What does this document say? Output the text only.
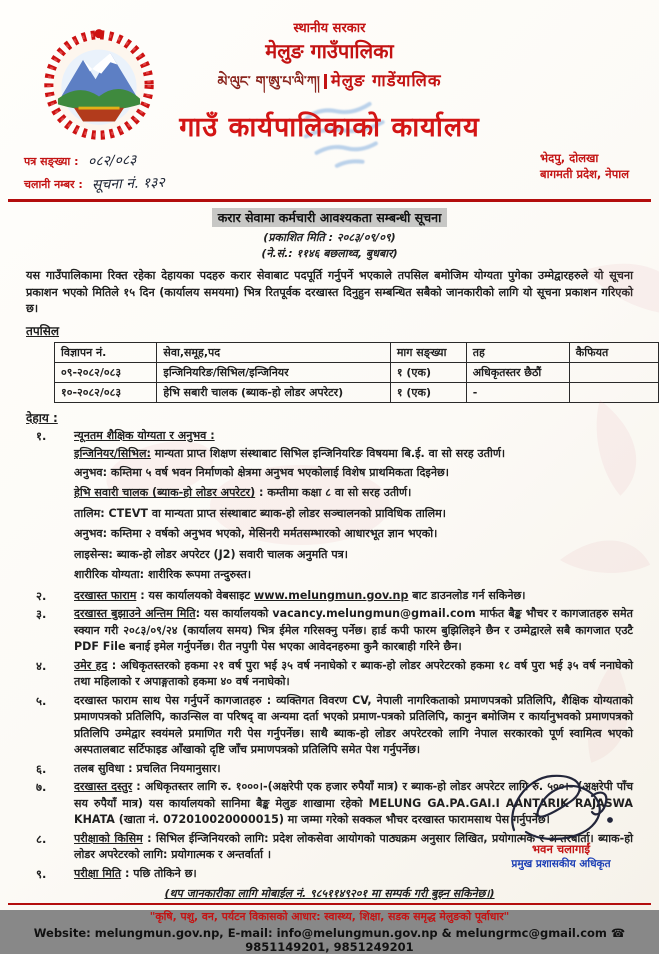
स्थानीय सरकार
मेलुङ गाउँपालिका
མེ་ལུང་ ག་ཨུ་པ་ལི་ཀ། मेलुङ गाडेंयालिक
गाउँ कार्यपालिकाको कार्यालय
पत्र सङ्ख्या : ०८२/०८३
चलानी नम्बर : सूचना नं. १३२
भेदपु, दोलखा
बागमती प्रदेश, नेपाल
करार सेवामा कर्मचारी आवश्यकता सम्बन्धी सूचना
(प्रकाशित मिति : २०८३/०९/०९)
(ने.सं.: ११४६ बछलाथ्व, बुधबार)

यस गाउँपालिकामा रिक्त रहेका देहायका पदहरु करार सेवाबाट पदपूर्ति गर्नुपर्ने भएकाले तपसिल बमोजिम योग्यता पुगेका उम्मेद्वारहरुले यो सूचना प्रकाशन भएको मितिले १५ दिन (कार्यालय समयमा) भित्र रितपूर्वक दरखास्त दिनुहुन सम्बन्धित सबैको जानकारीको लागि यो सूचना प्रकाशन गरिएको छ।

तपसिल
विज्ञापन नं.	सेवा,समूह,पद	माग सङ्ख्या	तह	कैफियत
०९-२०८२/०८३	इन्जिनियरिङ/सिभिल/इन्जिनियर	१ (एक)	अधिकृतस्तर छैठौं	
१०-२०८२/०८३	हेभि सबारी चालक (ब्याक-हो लोडर अपरेटर)	१ (एक)	-	
देहाय :
१.	न्यूनतम शैक्षिक योग्यता र अनुभव :
इन्जिनियर/सिभिल: मान्यता प्राप्त शिक्षण संस्थाबाट सिभिल इन्जिनियरिङ विषयमा बि.ई. वा सो सरह उतीर्ण।
अनुभव: कम्तिमा ५ वर्ष भवन निर्माणको क्षेत्रमा अनुभव भएकोलाई विशेष प्राथमिकता दिइनेछ।
हेभि सवारी चालक (ब्याक-हो लोडर अपरेटर) : कम्तीमा कक्षा ८ वा सो सरह उतीर्ण।
तालिम: CTEVT वा मान्यता प्राप्त संस्थाबाट ब्याक-हो लोडर सञ्चालनको प्राविधिक तालिम।
अनुभव: कम्तिमा २ वर्षको अनुभव भएको, मेसिनरी मर्मतसम्भारको आधारभूत ज्ञान भएको।
लाइसेन्स: ब्याक-हो लोडर अपरेटर (J2) सवारी चालक अनुमति पत्र।
शारीरिक योग्यता: शारीरिक रूपमा तन्दुरुस्त।
२.	दरखास्त फाराम : यस कार्यालयको वेबसाइट www.melungmun.gov.np बाट डाउनलोड गर्न सकिनेछ।

३.	दरखास्त बुझाउने अन्तिम मिति: यस कार्यालयको vacancy.melungmun@gmail.com मार्फत बैङ्क भौचर र कागजातहरु समेत स्क्यान गरी २०८३/०९/२४ (कार्यालय समय) भित्र ईमेल गरिसक्नु पर्नेछ। हार्ड कपी फारम बुझिलिइने छैन र उम्मेद्वारले सबै कागजात एउटै PDF File बनाई इमेल गर्नुपर्नेछ। रीत नपुगी पेस भएका आवेदनहरुमा कुनै कारबाही गरिने छैन।

४.	उमेर हद : अधिकृतस्तरको हकमा २१ वर्ष पुरा भई ३५ वर्ष ननाघेको र ब्याक-हो लोडर अपरेटरको हकमा १८ वर्ष पुरा भई ३५ वर्ष ननाघेको तथा महिलाको र अपाङ्गताको हकमा ४० वर्ष ननाघेको।

५.	दरखास्त फाराम साथ पेस गर्नुपर्ने कागजातहरु : व्यक्तिगत विवरण CV, नेपाली नागरिकताको प्रमाणपत्रको प्रतिलिपि, शैक्षिक योग्यताको प्रमाणपत्रको प्रतिलिपि, काउन्सिल वा परिषद् वा अन्यमा दर्ता भएको प्रमाण-पत्रको प्रतिलिपि, कानुन बमोजिम र कार्यानुभवको प्रमाणपत्रको प्रतिलिपि उम्मेद्वार स्वयंमले प्रमाणित गरी पेस गर्नुपर्नेछ। साथै ब्याक-हो लोडर अपरेटरको लागि नेपाल सरकारको पूर्ण स्वामित्व भएको अस्पतालबाट सर्टिफाइड आँखाको दृष्टि जाँच प्रमाणपत्रको प्रतिलिपि समेत पेश गर्नुपर्नेछ।

६.	तलब सुविधा : प्रचलित नियमानुसार।

७.	दरखास्त दस्तुर : अधिकृतस्तर लागि रु. १०००।-(अक्षरेपी एक हजार रुपैयाँ मात्र) र ब्याक-हो लोडर अपरेटर लागि रु. ५००।- (अक्षरेपी पाँच सय रुपैयाँ मात्र) यस कार्यालयको सानिमा बैङ्क मेलुङ शाखामा रहेको MELUNG GA.PA.GAI.I AANTARIK RAJASWA KHATA (खाता नं. 072010020000015) मा जम्मा गरेको सक्कल भौचर दरखास्त फारामसाथ पेस गर्नुपर्नेछ।

८.	परीक्षाको किसिम : सिभिल ईन्जिनियरको लागि: प्रदेश लोकसेवा आयोगको पाठ्यक्रम अनुसार लिखित, प्रयोगात्मक र अन्तरबार्ता। ब्याक-हो लोडर अपरेटरको लागि: प्रयोगात्मक र अन्तर्वार्ता ।

९.	परीक्षा मिति : पछि तोकिने छ।

(थप जानकारीका लागि मोबाईल नं. ९८५११४९२०१ मा सम्पर्क गरी बुझ्न सकिनेछ।)
"कृषि, पशु, वन, पर्यटन विकासको आधार: स्वास्थ्य, शिक्षा, सडक समृद्ध मेलुङको पूर्वाधार"
Website: melungmun.gov.np, E-mail: info@melungmun.gov.np & melungrmc@gmail.com ☎ 9851149201, 9851249201
भवन चलागाईं
प्रमुख प्रशासकीय अधिकृत
